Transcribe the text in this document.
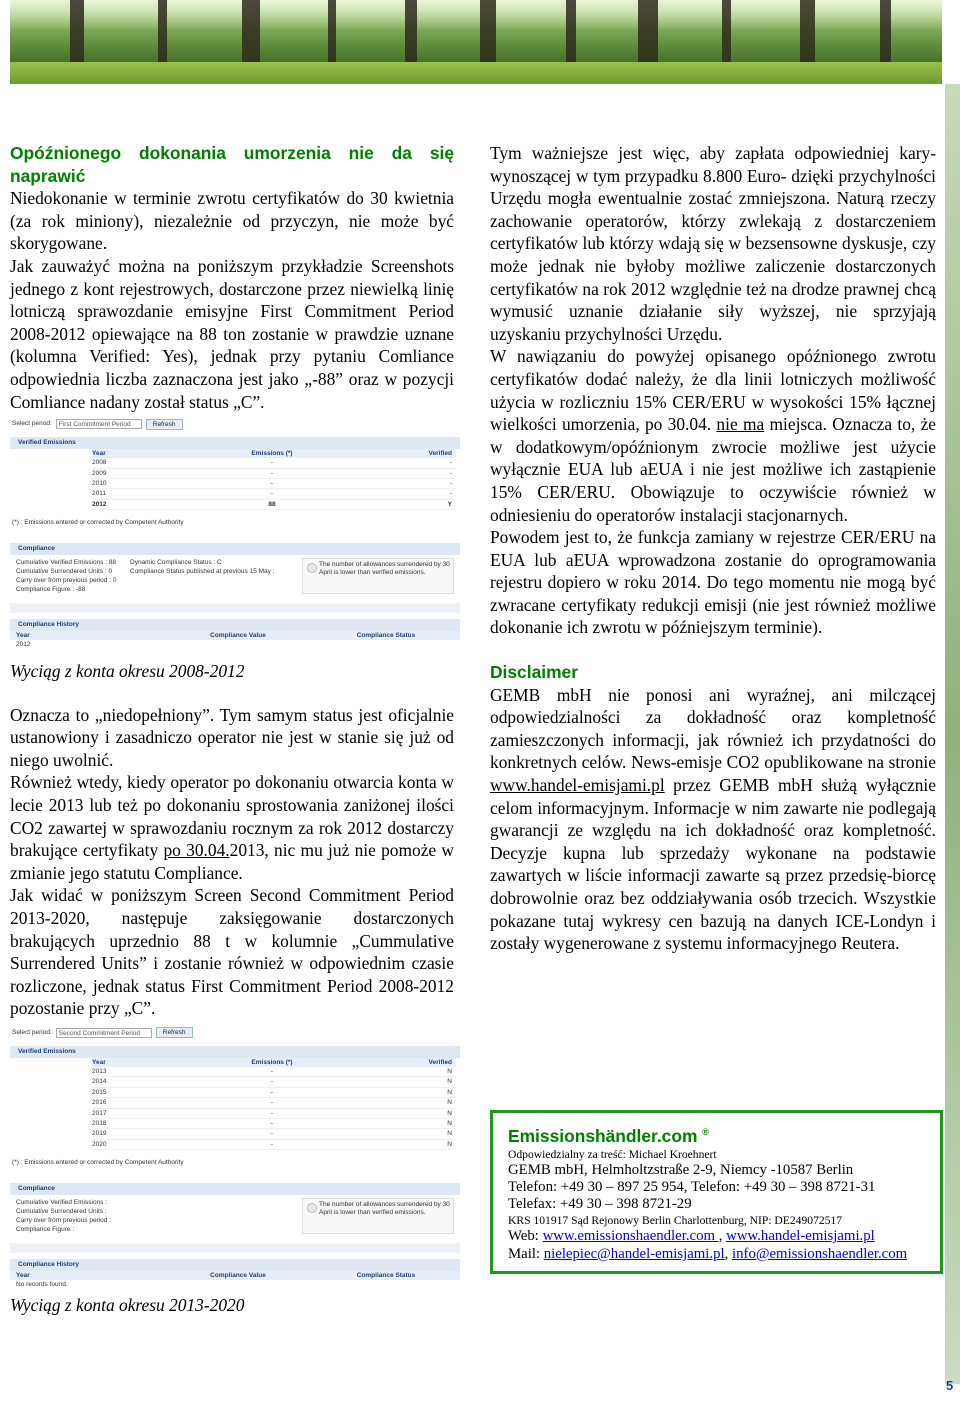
Opóźnionego dokonania umorzenia nie da się naprawić

Niedokonanie w terminie zwrotu certyfikatów do 30 kwietnia (za rok miniony), niezależnie od przyczyn, nie może być skorygowane.

Jak zauważyć można na poniższym przykładzie Screenshots jednego z kont rejestrowych, dostarczone przez niewielką linię lotniczą sprawozdanie emisyjne First Commitment Period 2008-2012 opiewające na 88 ton zostanie w prawdzie uznane (kolumna Verified: Yes), jednak przy pytaniu Comliance odpowiednia liczba zaznaczona jest jako „-88” oraz w pozycji Comliance nadany został status „C”.

Select period:	First Commitment Period	Refresh
Verified Emissions
Year	Emissions (*)	Verified
2008	-	-
2009	-	-
2010	-	-
2011	-	-
2012	88	Y
(*) : Emissions entered or corrected by Competent Authority
Compliance
Cumulative Verified Emissions : 88
Cumulative Surrendered Units : 0
Carry over from previous period : 0
Compliance Figure : -88
Dynamic Compliance Status : C
Compliance Status published at previous 15 May :
The number of allowances surrendered by 30 April is lower than verified emissions.
Compliance History
Year	Compliance Value	Compliance Status
2012
Wyciąg z konta okresu 2008-2012

Oznacza to „niedopełniony”. Tym samym status jest oficjalnie ustanowiony i zasadniczo operator nie jest w stanie się już od niego uwolnić.

Również wtedy, kiedy operator po dokonaniu otwarcia konta w lecie 2013 lub też po dokonaniu sprostowania zaniżonej ilości CO2 zawartej w sprawozdaniu rocznym za rok 2012 dostarczy brakujące certyfikaty po 30.04.2013, nic mu już nie pomoże w zmianie jego statutu Compliance.

Jak widać w poniższym Screen Second Commitment Period 2013-2020, następuje zaksięgowanie dostarczonych brakujących uprzednio 88 t w kolumnie „Cummulative Surrendered Units” i zostanie również w odpowiednim czasie rozliczone, jednak status First Commitment Period 2008-2012 pozostanie przy „C”.

Select period:	Second Commitment Period	Refresh
Verified Emissions
Year	Emissions (*)	Verified
2013	-	N
2014	-	N
2015	-	N
2016	-	N
2017	-	N
2018	-	N
2019	-	N
2020	-	N
(*) : Emissions entered or corrected by Competent Authority
Compliance
Cumulative Verified Emissions :
Cumulative Surrendered Units :
Carry over from previous period :
Compliance Figure :
The number of allowances surrendered by 30 April is lower than verified emissions.
Compliance History
Year	Compliance Value	Compliance Status
No records found.
Wyciąg z konta okresu 2013-2020

Tym ważniejsze jest więc, aby zapłata odpowiedniej kary- wynoszącej w tym przypadku 8.800 Euro- dzięki przychylności Urzędu mogła ewentualnie zostać zmniejszona. Naturą rzeczy zachowanie operatorów, którzy zwlekają z dostarczeniem certyfikatów lub którzy wdają się w bezsensowne dyskusje, czy może jednak nie byłoby możliwe zaliczenie dostarczonych certyfikatów na rok 2012 względnie też na drodze prawnej chcą wymusić uznanie działanie siły wyższej, nie sprzyjają uzyskaniu przychylności Urzędu.

W nawiązaniu do powyżej opisanego opóźnionego zwrotu certyfikatów dodać należy, że dla linii lotniczych możliwość użycia w rozliczniu 15% CER/ERU w wysokości 15% łącznej wielkości umorzenia, po 30.04. nie ma miejsca. Oznacza to, że w dodatkowym/opóźnionym zwrocie możliwe jest użycie wyłącznie EUA lub aEUA i nie jest możliwe ich zastąpienie 15% CER/ERU. Obowiązuje to oczywiście również w odniesieniu do operatorów instalacji stacjonarnych.

Powodem jest to, że funkcja zamiany w rejestrze CER/ERU na EUA lub aEUA wprowadzona zostanie do oprogramowania rejestru dopiero w roku 2014. Do tego momentu nie mogą być zwracane certyfikaty redukcji emisji (nie jest również możliwe dokonanie ich zwrotu w późniejszym terminie).

Disclaimer

GEMB mbH nie ponosi ani wyraźnej, ani milczącej odpowiedzialności za dokładność oraz kompletność zamieszczonych informacji, jak również ich przydatności do konkretnych celów. News-emisje CO2 opublikowane na stronie www.handel-emisjami.pl przez GEMB mbH służą wyłącznie celom informacyjnym. Informacje w nim zawarte nie podlegają gwarancji ze względu na ich dokładność oraz kompletność. Decyzje kupna lub sprzedaży wykonane na podstawie zawartych w liście informacji zawarte są przez przedsię-biorcę dobrowolnie oraz bez oddziaływania osób trzecich. Wszystkie pokazane tutaj wykresy cen bazują na danych ICE-Londyn i zostały wygenerowane z systemu informacyjnego Reutera.

Emissionshändler.com ®
Odpowiedzialny za treść: Michael Kroehnert
GEMB mbH, Helmholtzstraße 2-9, Niemcy -10587 Berlin
Telefon: +49 30 – 897 25 954, Telefon: +49 30 – 398 8721-31
Telefax: +49 30 – 398 8721-29
KRS 101917 Sąd Rejonowy Berlin Charlottenburg, NIP: DE249072517
Web: www.emissionshaendler.com , www.handel-emisjami.pl
Mail: nielepiec@handel-emisjami.pl, info@emissionshaendler.com
5
